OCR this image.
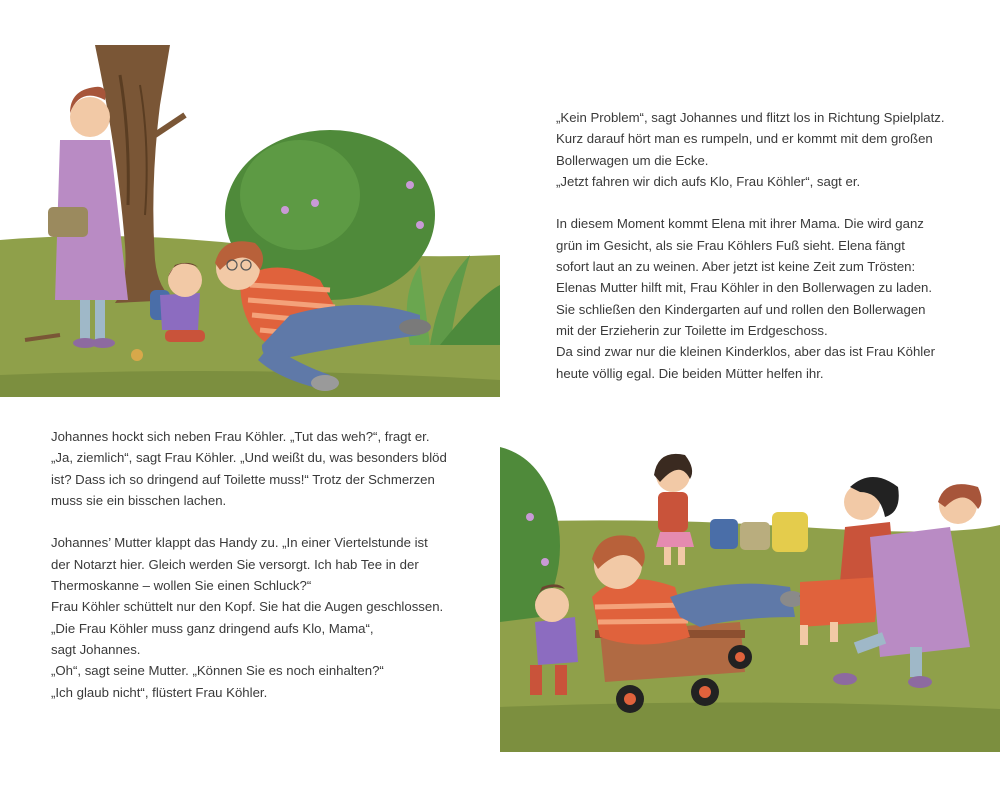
„Kein Problem“, sagt Johannes und flitzt los in Richtung Spielplatz.

Kurz darauf hört man es rumpeln, und er kommt mit dem großen

Bollerwagen um die Ecke.

„Jetzt fahren wir dich aufs Klo, Frau Köhler“, sagt er.

In diesem Moment kommt Elena mit ihrer Mama. Die wird ganz

grün im Gesicht, als sie Frau Köhlers Fuß sieht. Elena fängt

sofort laut an zu weinen. Aber jetzt ist keine Zeit zum Trösten:

Elenas Mutter hilft mit, Frau Köhler in den Bollerwagen zu laden.

Sie schließen den Kindergarten auf und rollen den Bollerwagen

mit der Erzieherin zur Toilette im Erdgeschoss.

Da sind zwar nur die kleinen Kinderklos, aber das ist Frau Köhler

heute völlig egal. Die beiden Mütter helfen ihr.

Johannes hockt sich neben Frau Köhler. „Tut das weh?“, fragt er.

„Ja, ziemlich“, sagt Frau Köhler. „Und weißt du, was besonders blöd

ist? Dass ich so dringend auf Toilette muss!“ Trotz der Schmerzen

muss sie ein bisschen lachen.

Johannes’ Mutter klappt das Handy zu. „In einer Viertelstunde ist

der Notarzt hier. Gleich werden Sie versorgt. Ich hab Tee in der

Thermoskanne – wollen Sie einen Schluck?“

Frau Köhler schüttelt nur den Kopf. Sie hat die Augen geschlossen.

„Die Frau Köhler muss ganz dringend aufs Klo, Mama“,

sagt Johannes.

„Oh“, sagt seine Mutter. „Können Sie es noch einhalten?“

„Ich glaub nicht“, flüstert Frau Köhler.
